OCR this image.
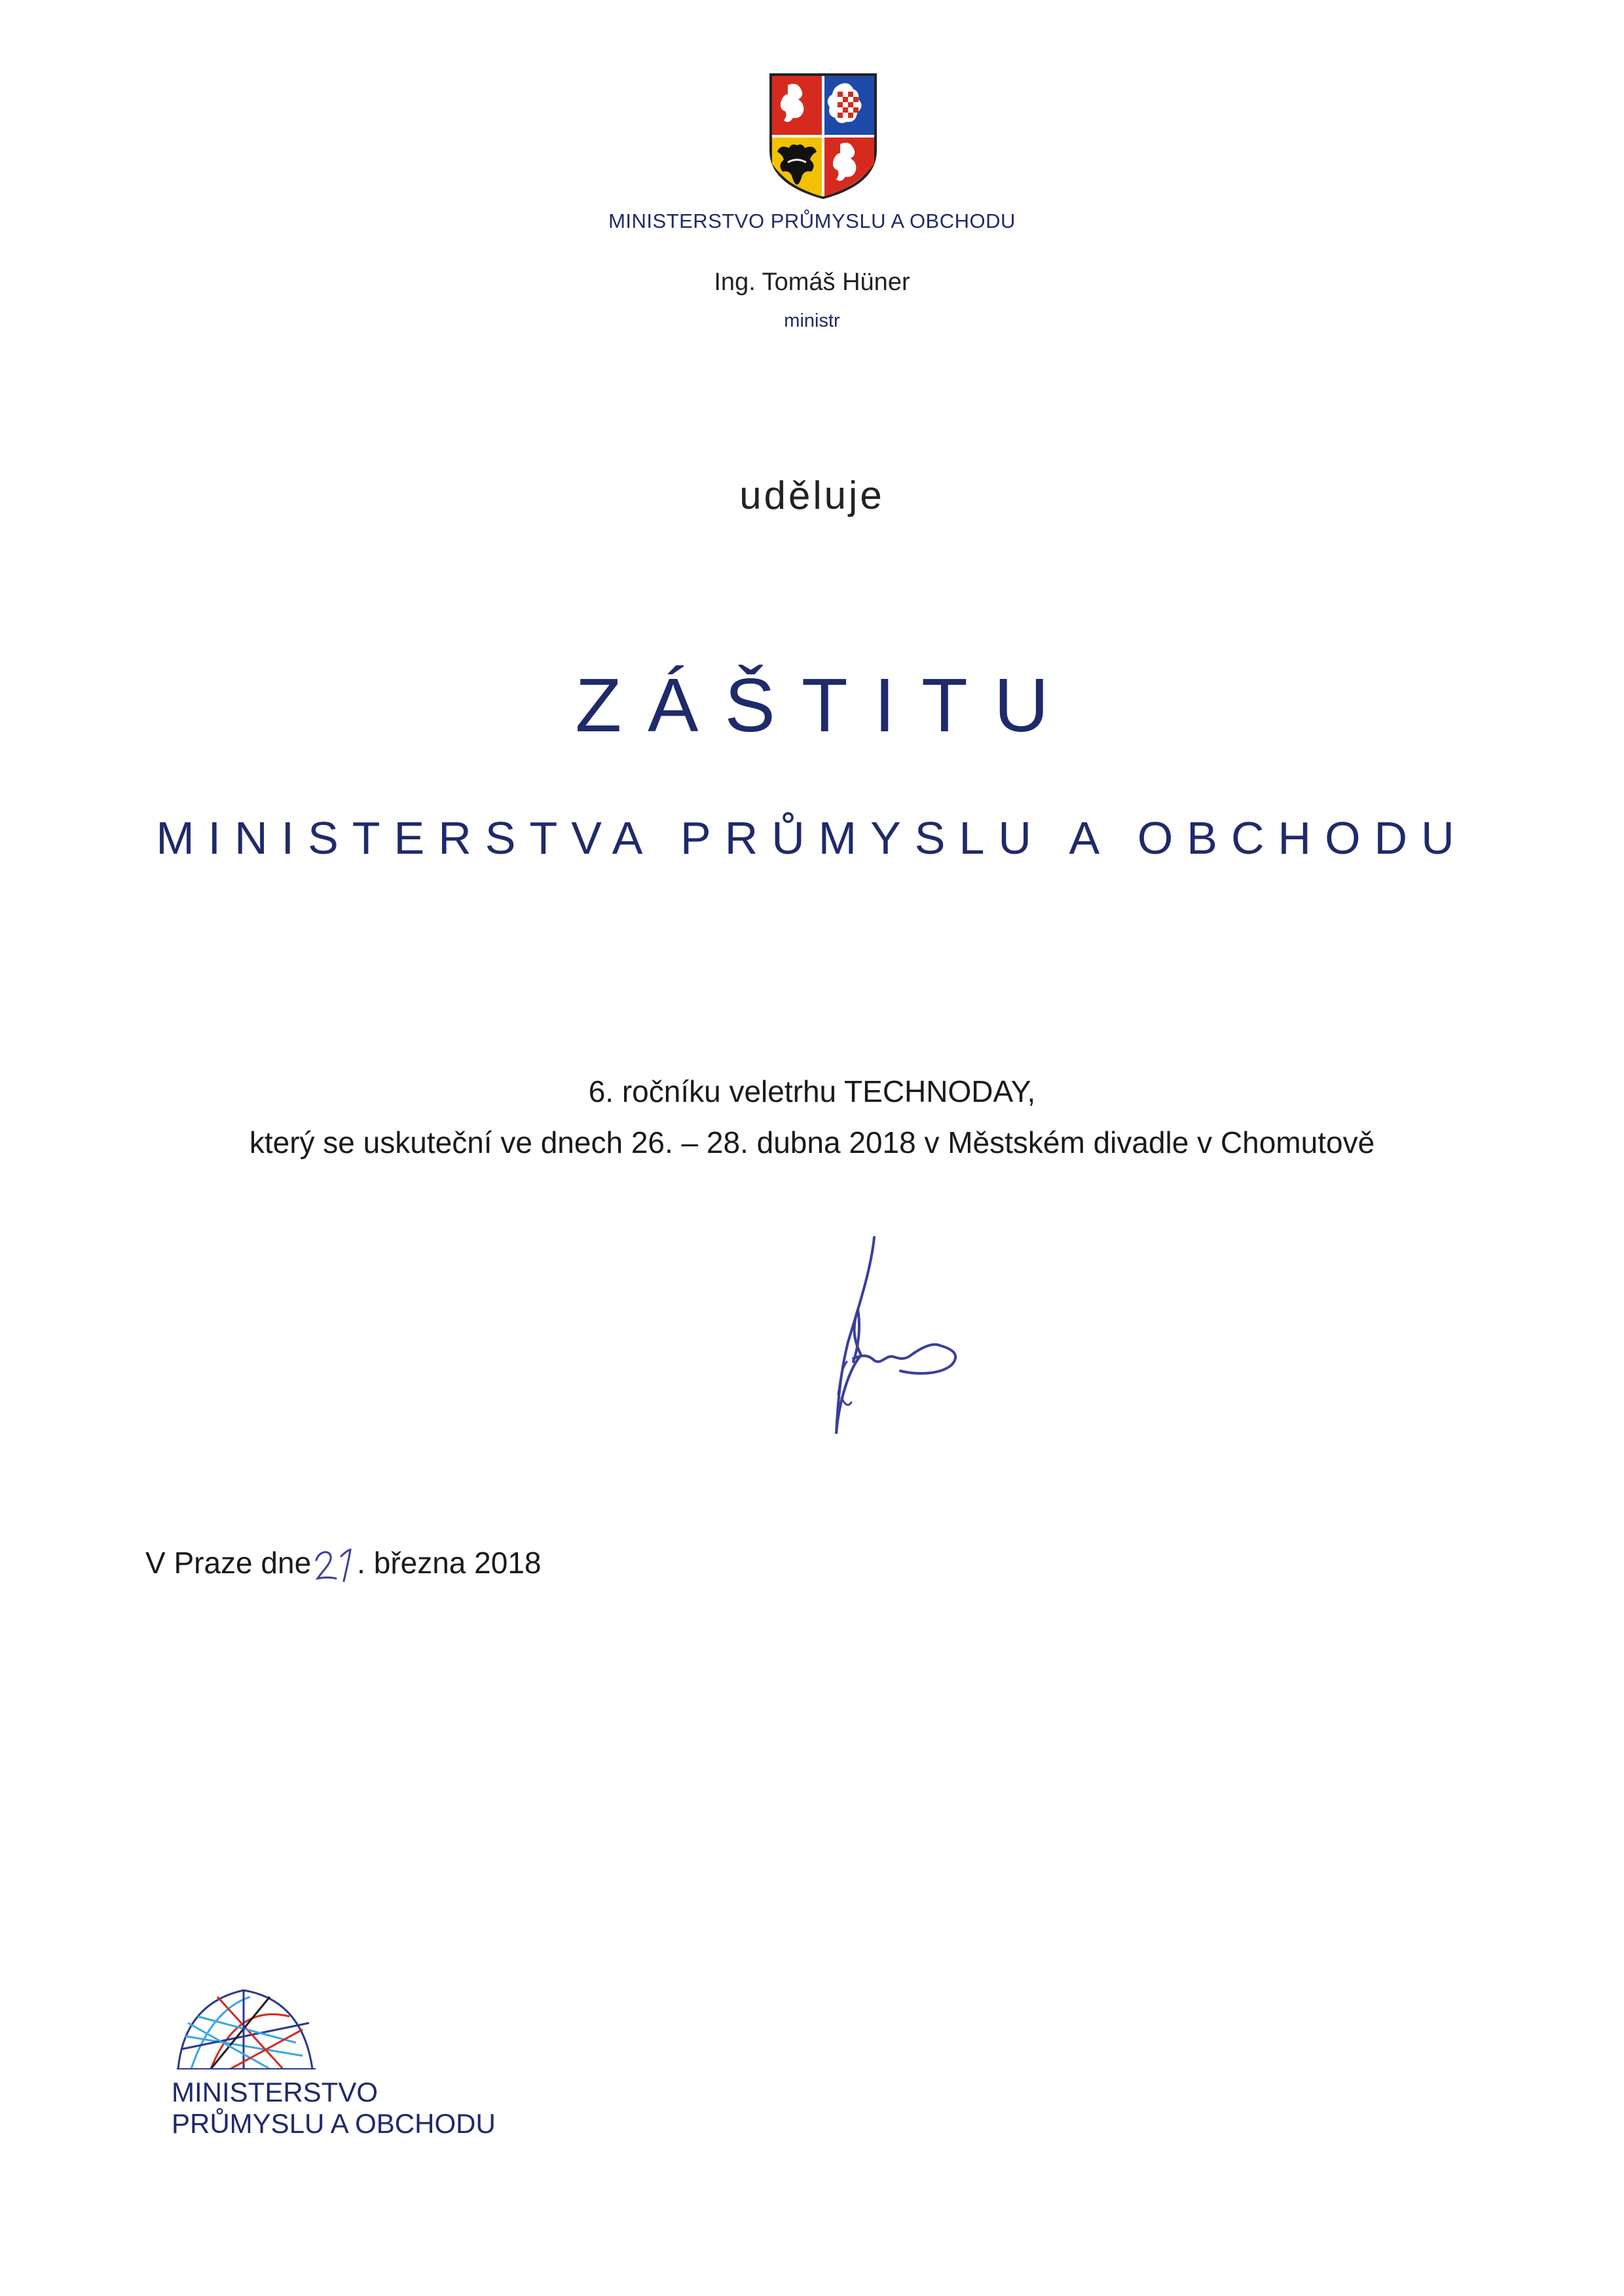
MINISTERSTVO PRŮMYSLU A OBCHODU
Ing. Tomáš Hüner
ministr
uděluje
ZÁŠTITU
MINISTERSTVA PRŮMYSLU A OBCHODU
6. ročníku veletrhu TECHNODAY,
který se uskuteční ve dnech 26. – 28. dubna 2018 v Městském divadle v Chomutově
V Praze dne . března 2018
MINISTERSTVO
PRŮMYSLU A OBCHODU
